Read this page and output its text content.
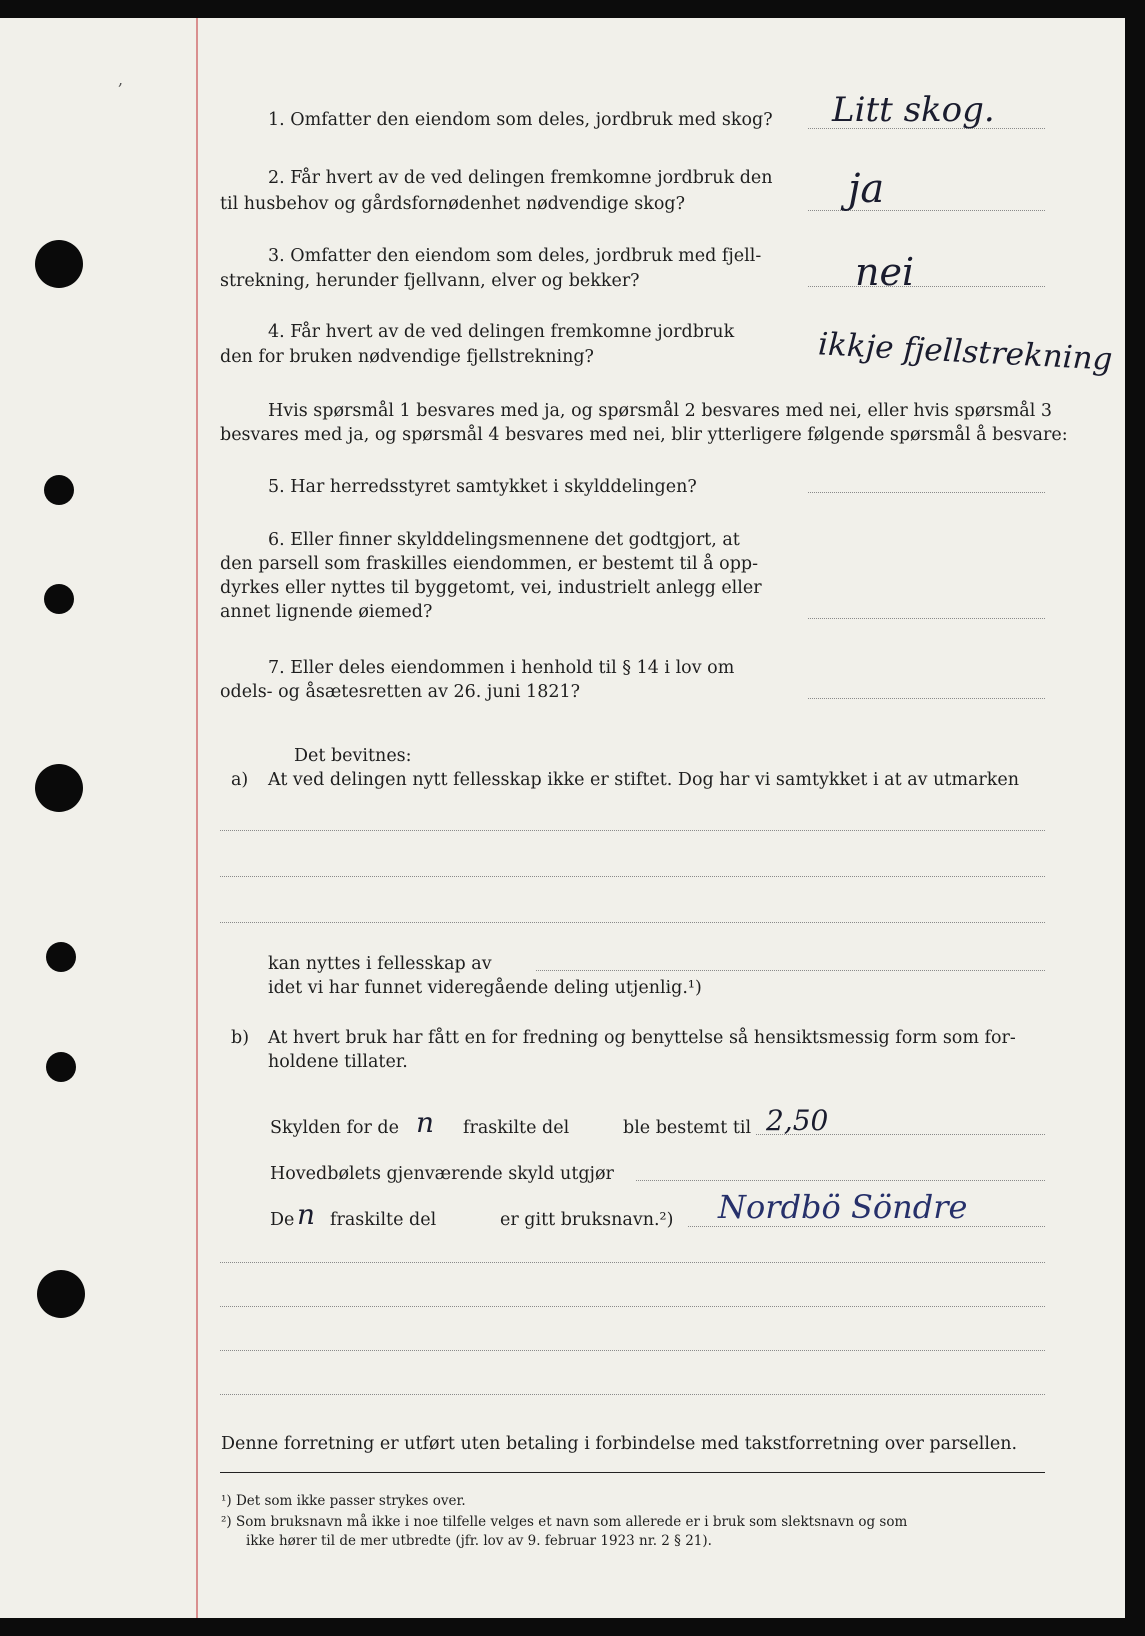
,
1. Omfatter den eiendom som deles, jordbruk med skog? Litt skog.
2. Får hvert av de ved delingen fremkomne jordbruk den
til husbehov og gårdsfornødenhet nødvendige skog?	ja
3. Omfatter den eiendom som deles, jordbruk med fjell-
strekning, herunder fjellvann, elver og bekker?	nei
4. Får hvert av de ved delingen fremkomne jordbruk
den for bruken nødvendige fjellstrekning?	ikkje fjellstrekning
Hvis spørsmål 1 besvares med ja, og spørsmål 2 besvares med nei, eller hvis spørsmål 3
besvares med ja, og spørsmål 4 besvares med nei, blir ytterligere følgende spørsmål å besvare:
5. Har herredsstyret samtykket i skylddelingen?
6. Eller finner skylddelingsmennene det godtgjort, at
den parsell som fraskilles eiendommen, er bestemt til å opp-
dyrkes eller nyttes til byggetomt, vei, industrielt anlegg eller
annet lignende øiemed?
7. Eller deles eiendommen i henhold til § 14 i lov om
odels- og åsætesretten av 26. juni 1821?
Det bevitnes:
a) At ved delingen nytt fellesskap ikke er stiftet. Dog har vi samtykket i at av utmarken
kan nyttes i fellesskap av
idet vi har funnet videregående deling utjenlig.¹)
b) At hvert bruk har fått en for fredning og benyttelse så hensiktsmessig form som for-
holdene tillater.
Skylden for de n fraskilte del	ble bestemt til 2,50
Hovedbølets gjenværende skyld utgjør
De n fraskilte del	er gitt bruksnavn.²) Nordbö Söndre
Denne forretning er utført uten betaling i forbindelse med takstforretning over parsellen.
¹) Det som ikke passer strykes over.
²) Som bruksnavn må ikke i noe tilfelle velges et navn som allerede er i bruk som slektsnavn og som
ikke hører til de mer utbredte (jfr. lov av 9. februar 1923 nr. 2 § 21).
